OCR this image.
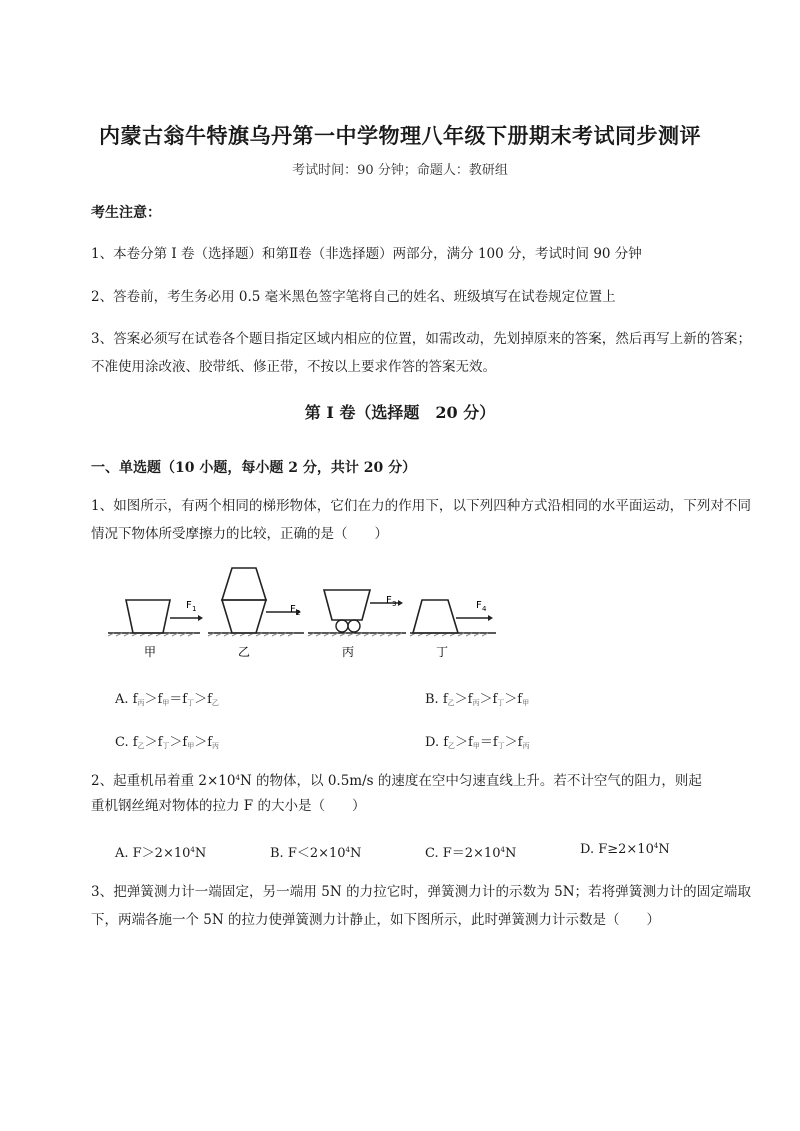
内蒙古翁牛特旗乌丹第一中学物理八年级下册期末考试同步测评
考试时间：90 分钟；命题人：教研组
考生注意：
1、本卷分第 I 卷（选择题）和第Ⅱ卷（非选择题）两部分，满分 100 分，考试时间 90 分钟
2、答卷前，考生务必用 0.5 毫米黑色签字笔将自己的姓名、班级填写在试卷规定位置上
3、答案必须写在试卷各个题目指定区域内相应的位置，如需改动，先划掉原来的答案，然后再写上新的答案；不准使用涂改液、胶带纸、修正带，不按以上要求作答的答案无效。
第 I 卷（选择题　20 分）
一、单选题（10 小题，每小题 2 分，共计 20 分）
1、如图所示，有两个相同的梯形物体，它们在力的作用下，以下列四种方式沿相同的水平面运动，下列对不同情况下物体所受摩擦力的比较，正确的是（　　）
F 1
甲
F 2
乙
F 3
丙
F 4
丁
A. $f_丙>f_甲=f_丁>f_乙$	B. $f_乙>f_丙>f_丁>f_甲$
C. $f_乙>f_丁>f_甲>f_丙$	D. $f_乙>f_甲=f_丁>f_丙$
2、起重机吊着重 $2\times 10^4N$ 的物体，以 0.5m/s 的速度在空中匀速直线上升。若不计空气的阻力，则起
重机钢丝绳对物体的拉力 F 的大小是（　　）
A. $F>2\times 10^4N$	B. $F<2\times 10^4N$	C. $F=2\times 10^4N$	D. $F\ge 2\times 10^4N$
3、把弹簧测力计一端固定，另一端用 5N 的力拉它时，弹簧测力计的示数为 5N；若将弹簧测力计的固定端取下，两端各施一个 5N 的拉力使弹簧测力计静止，如下图所示，此时弹簧测力计示数是（　　）
